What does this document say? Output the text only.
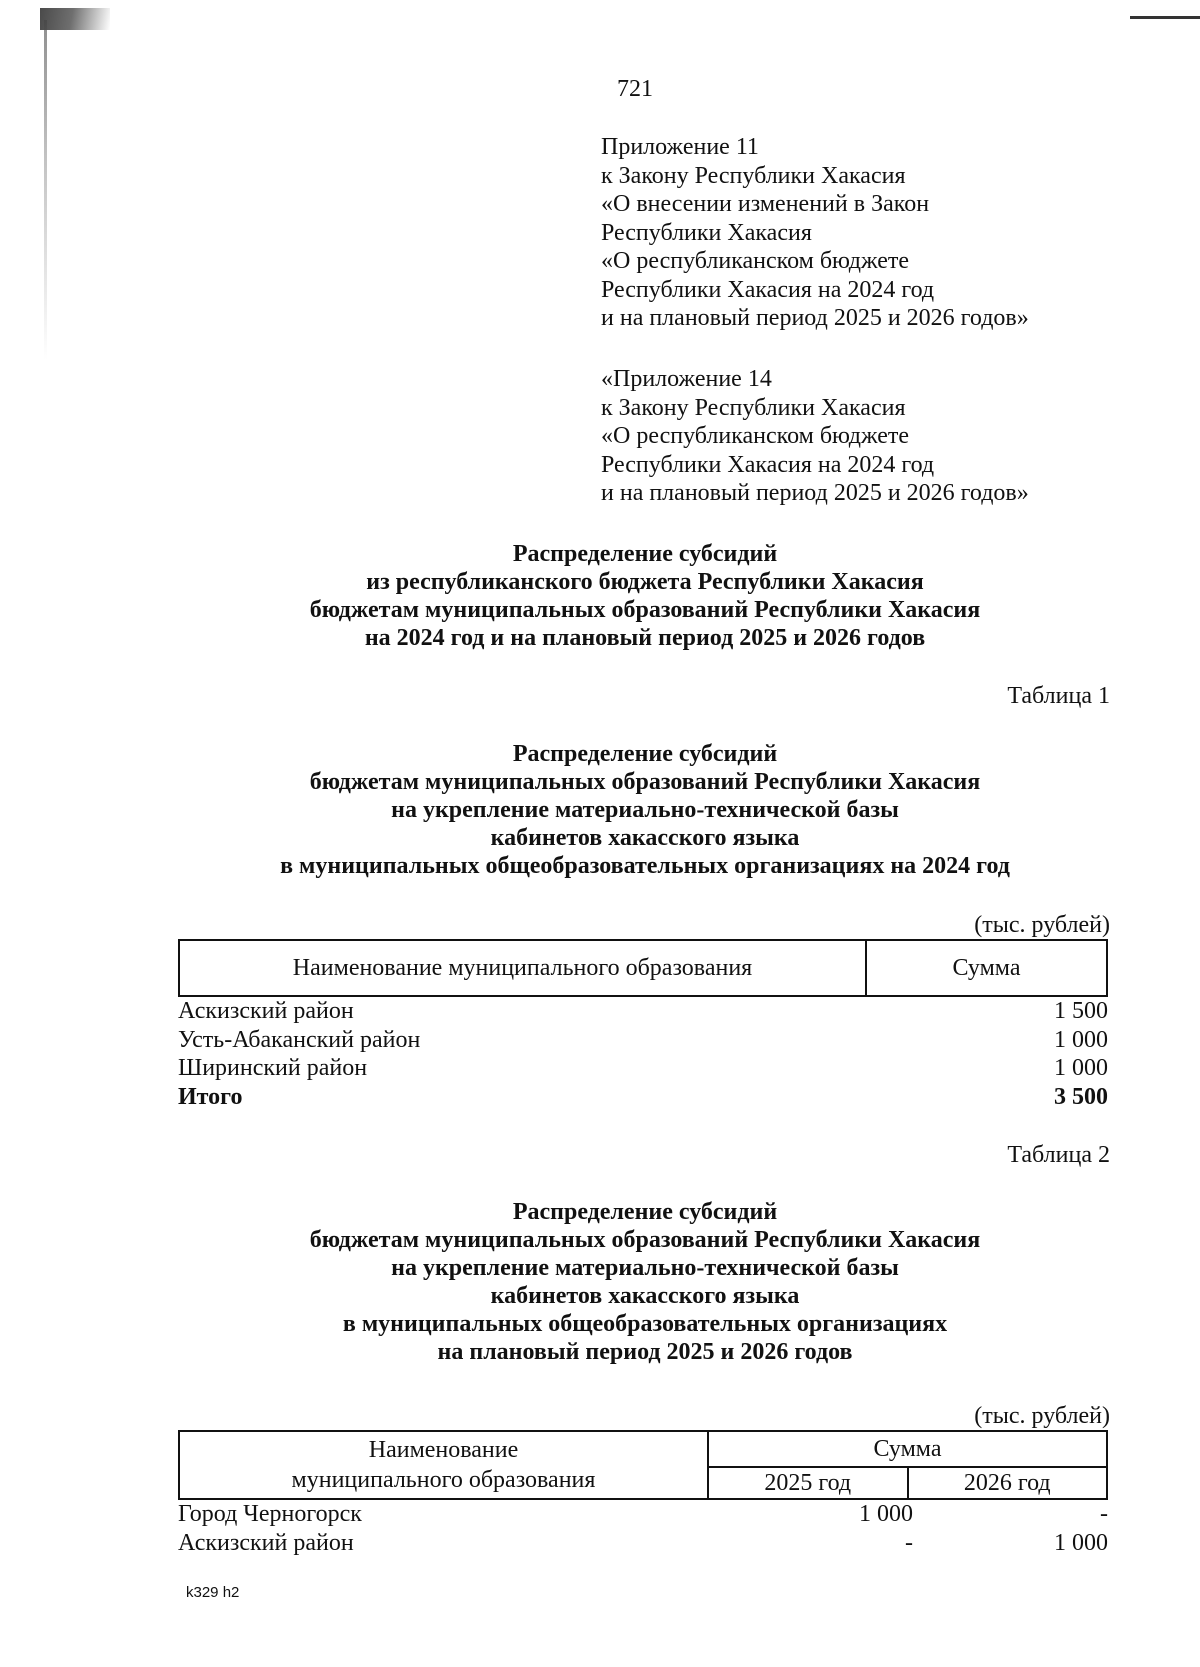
721
Приложение 11
к Закону Республики Хакасия
«О внесении изменений в Закон
Республики Хакасия
«О республиканском бюджете
Республики Хакасия на 2024 год
и на плановый период 2025 и 2026 годов»
«Приложение 14
к Закону Республики Хакасия
«О республиканском бюджете
Республики Хакасия на 2024 год
и на плановый период 2025 и 2026 годов»
Распределение субсидий
из республиканского бюджета Республики Хакасия
бюджетам муниципальных образований Республики Хакасия
на 2024 год и на плановый период 2025 и 2026 годов
Таблица 1
Распределение субсидий
бюджетам муниципальных образований Республики Хакасия
на укрепление материально-технической базы
кабинетов хакасского языка
в муниципальных общеобразовательных организациях на 2024 год
(тыс. рублей)
Наименование муниципального образования	Сумма
Аскизский район	1 500
Усть-Абаканский район	1 000
Ширинский район	1 000
Итого	3 500
Таблица 2
Распределение субсидий
бюджетам муниципальных образований Республики Хакасия
на укрепление материально-технической базы
кабинетов хакасского языка
в муниципальных общеобразовательных организациях
на плановый период 2025 и 2026 годов
(тыс. рублей)
Наименование
муниципального образования
Сумма
2025 год	2026 год
Город Черногорск	1 000	-
Аскизский район	-	1 000
k329 h2
